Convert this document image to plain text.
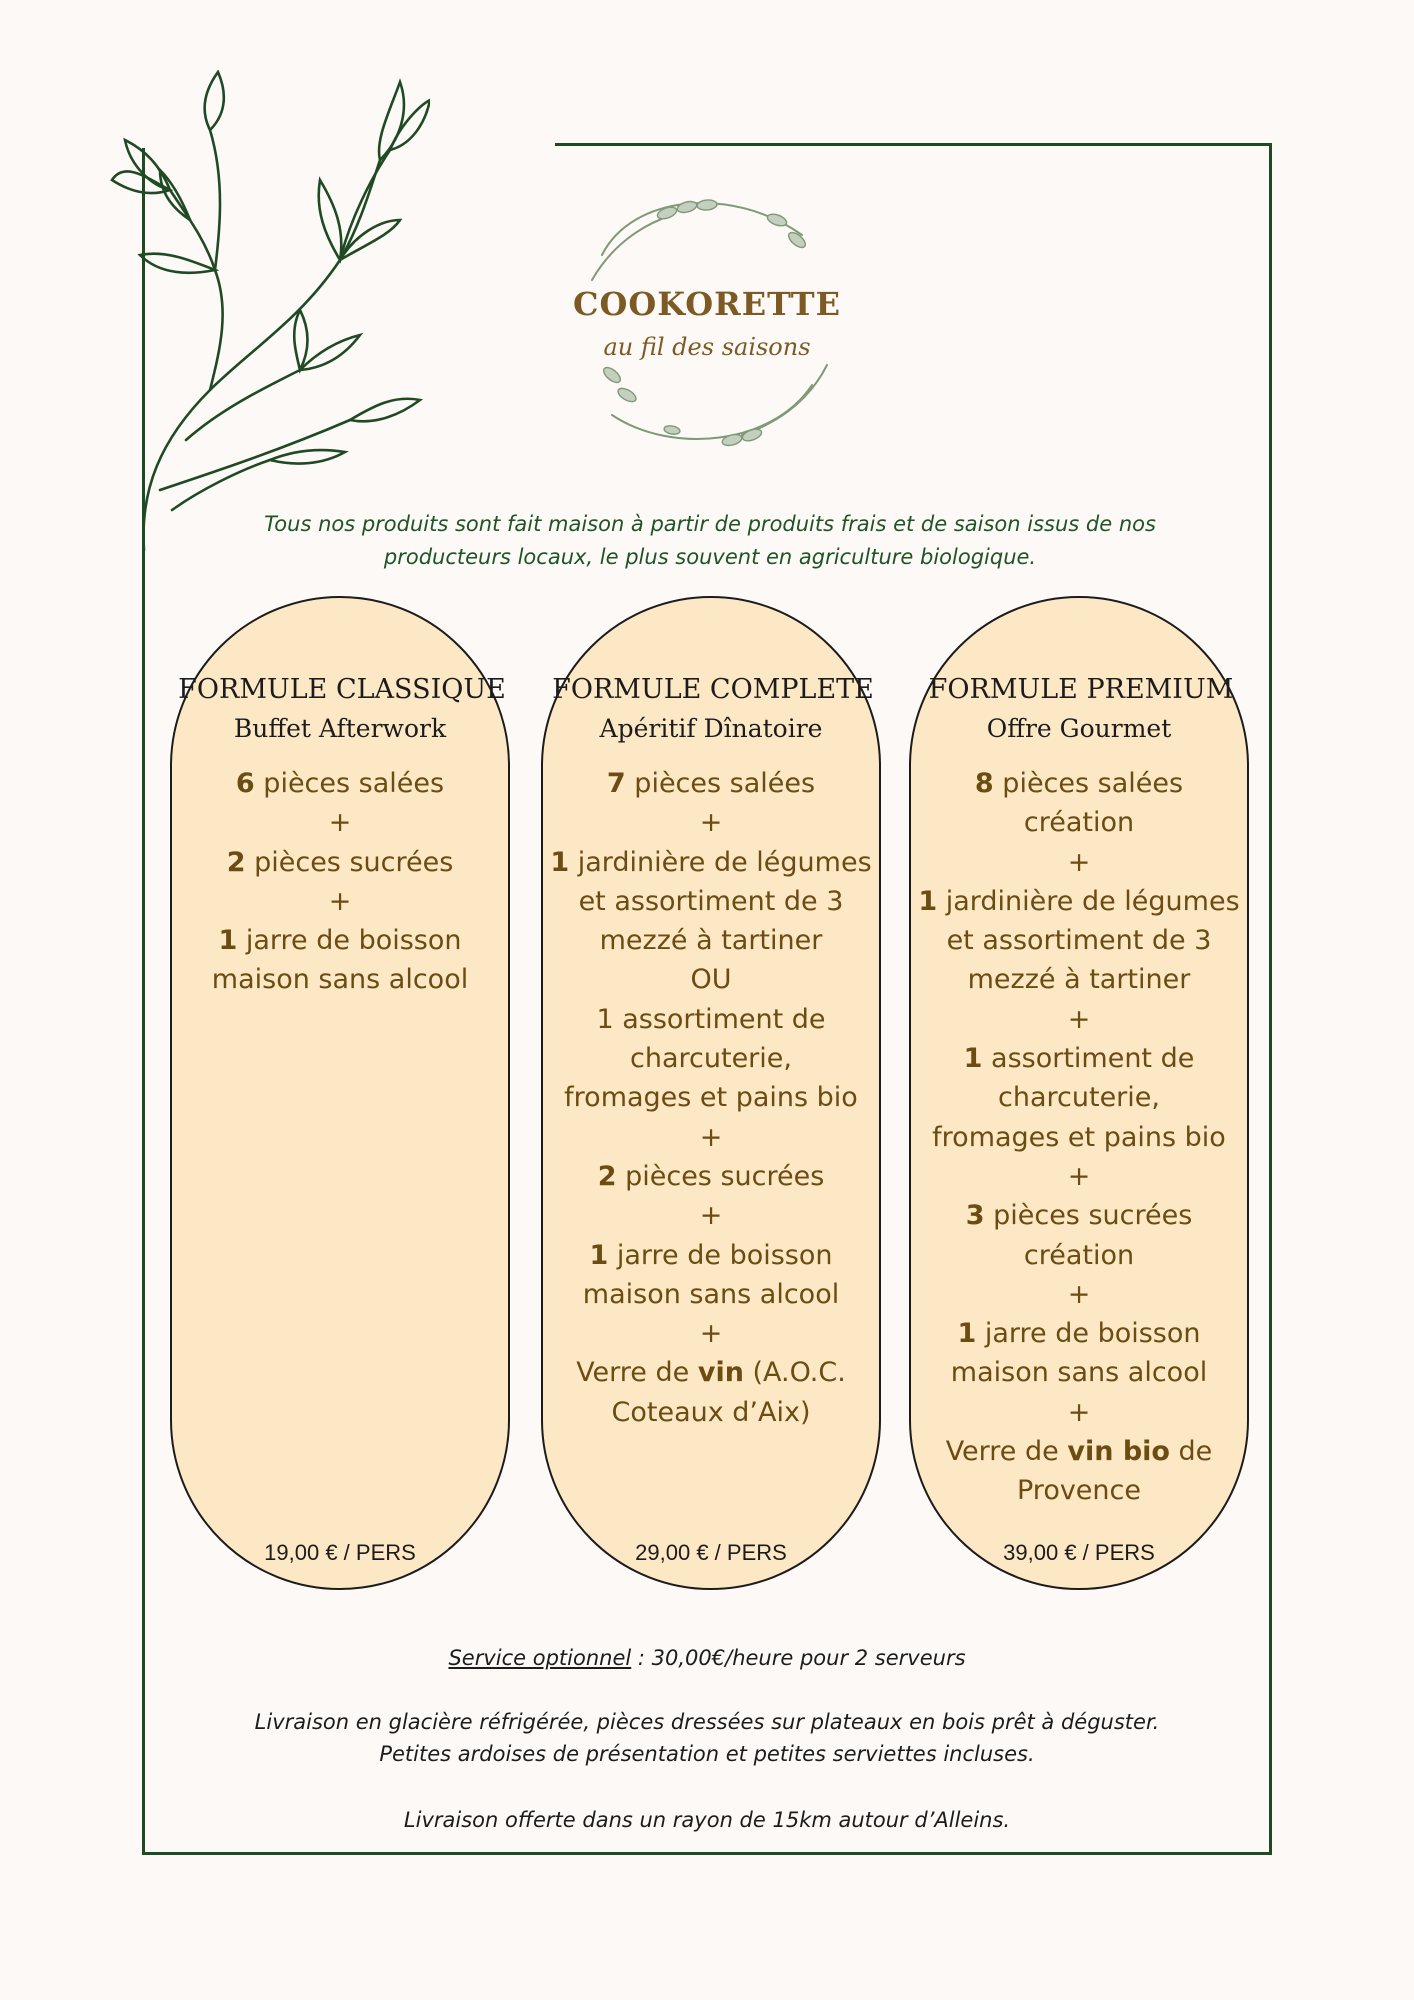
COOKORETTE
au fil des saisons
Tous nos produits sont fait maison à partir de produits frais et de saison issus de nos
producteurs locaux, le plus souvent en agriculture biologique.
FORMULE CLASSIQUE
Buffet Afterwork
6 pièces salées
+
2 pièces sucrées
+
1 jarre de boisson
maison sans alcool

19,00 € / PERS
FORMULE COMPLETE
Apéritif Dînatoire
7 pièces salées
+
1 jardinière de légumes
et assortiment de 3
mezzé à tartiner
OU
1 assortiment de
charcuterie,
fromages et pains bio
+
2 pièces sucrées
+
1 jarre de boisson
maison sans alcool
+
Verre de vin (A.O.C.
Coteaux d’Aix)

29,00 € / PERS
FORMULE PREMIUM
Offre Gourmet
8 pièces salées
création
+
1 jardinière de légumes
et assortiment de 3
mezzé à tartiner
+
1 assortiment de
charcuterie,
fromages et pains bio
+
3 pièces sucrées
création
+
1 jarre de boisson
maison sans alcool
+
Verre de vin bio de
Provence
39,00 € / PERS
Service optionnel : 30,00€/heure pour 2 serveurs
Livraison en glacière réfrigérée, pièces dressées sur plateaux en bois prêt à déguster.
Petites ardoises de présentation et petites serviettes incluses.
Livraison offerte dans un rayon de 15km autour d’Alleins.
